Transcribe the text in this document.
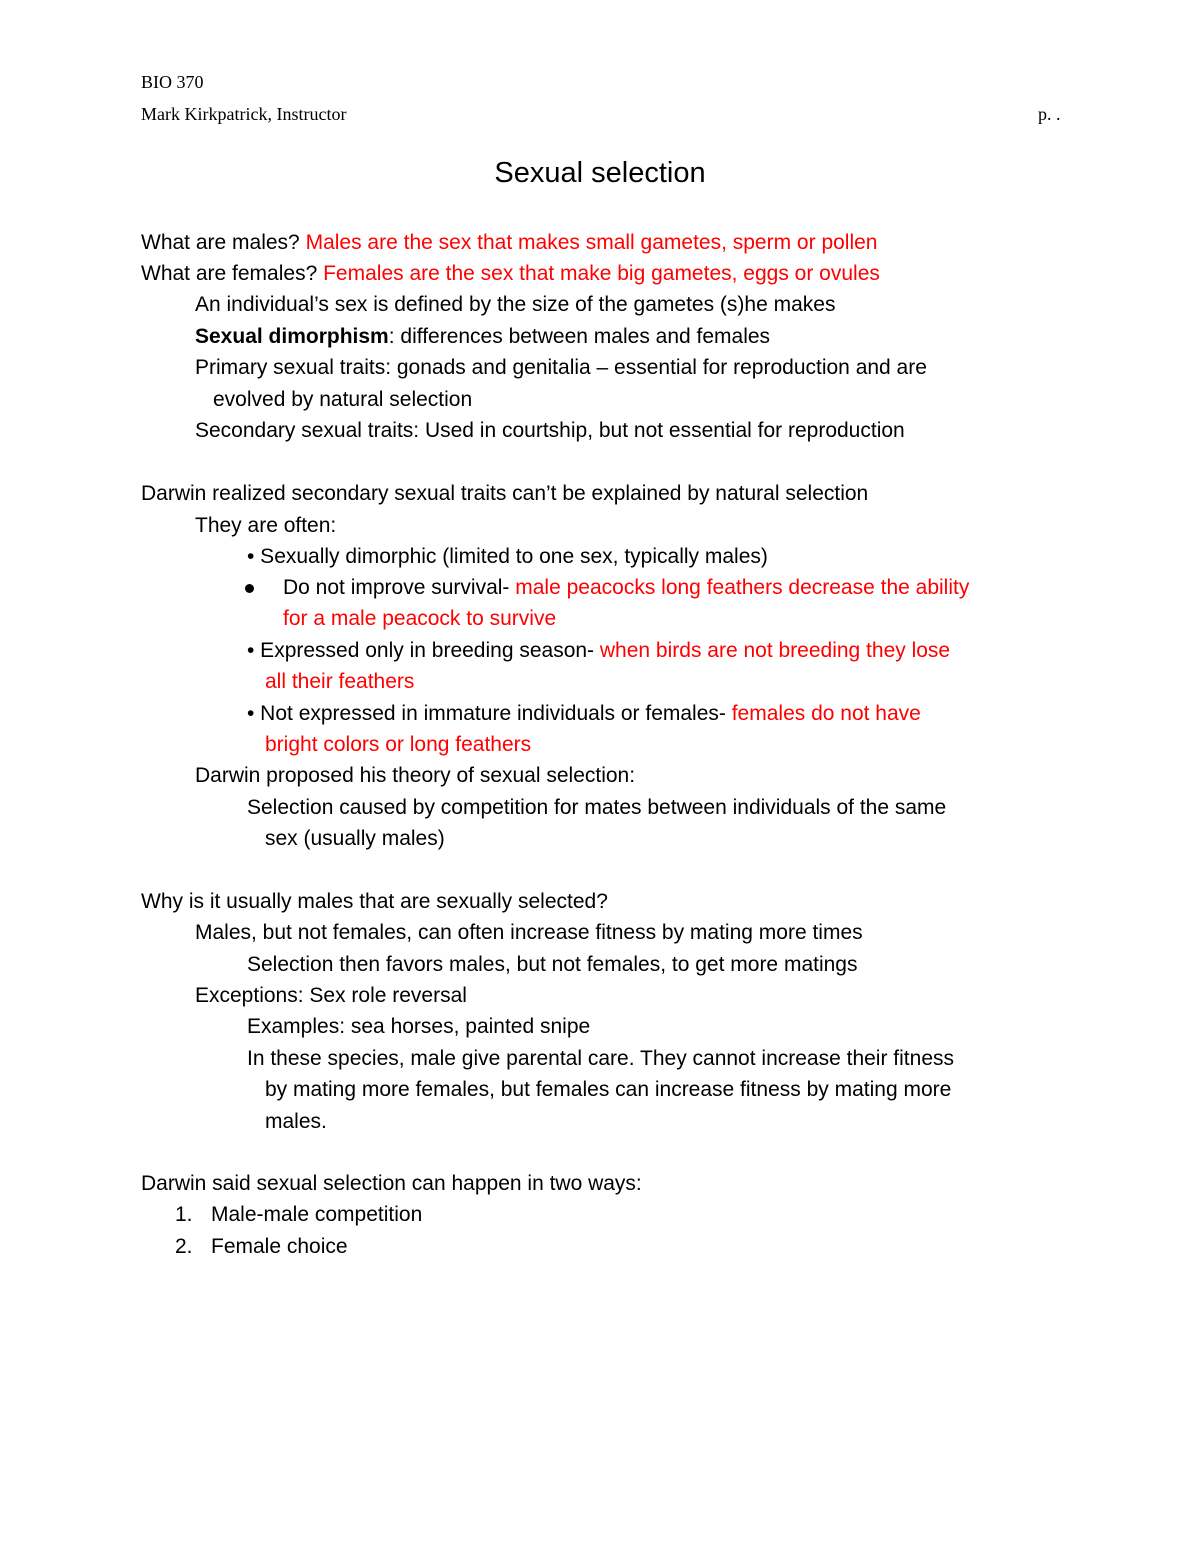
BIO 370
Mark Kirkpatrick, Instructor	p. .
Sexual selection
What are males? Males are the sex that makes small gametes, sperm or pollen
What are females? Females are the sex that make big gametes, eggs or ovules
An individual’s sex is defined by the size of the gametes (s)he makes
Sexual dimorphism: differences between males and females
Primary sexual traits: gonads and genitalia – essential for reproduction and are
evolved by natural selection
Secondary sexual traits: Used in courtship, but not essential for reproduction
Darwin realized secondary sexual traits can’t be explained by natural selection
They are often:
• Sexually dimorphic (limited to one sex, typically males)
Do not improve survival- male peacocks long feathers decrease the ability
for a male peacock to survive
• Expressed only in breeding season- when birds are not breeding they lose
all their feathers
• Not expressed in immature individuals or females- females do not have
bright colors or long feathers
Darwin proposed his theory of sexual selection:
Selection caused by competition for mates between individuals of the same
sex (usually males)
Why is it usually males that are sexually selected?
Males, but not females, can often increase fitness by mating more times
Selection then favors males, but not females, to get more matings
Exceptions: Sex role reversal
Examples: sea horses, painted snipe
In these species, male give parental care. They cannot increase their fitness
by mating more females, but females can increase fitness by mating more
males.
Darwin said sexual selection can happen in two ways:
1. Male-male competition
2. Female choice
